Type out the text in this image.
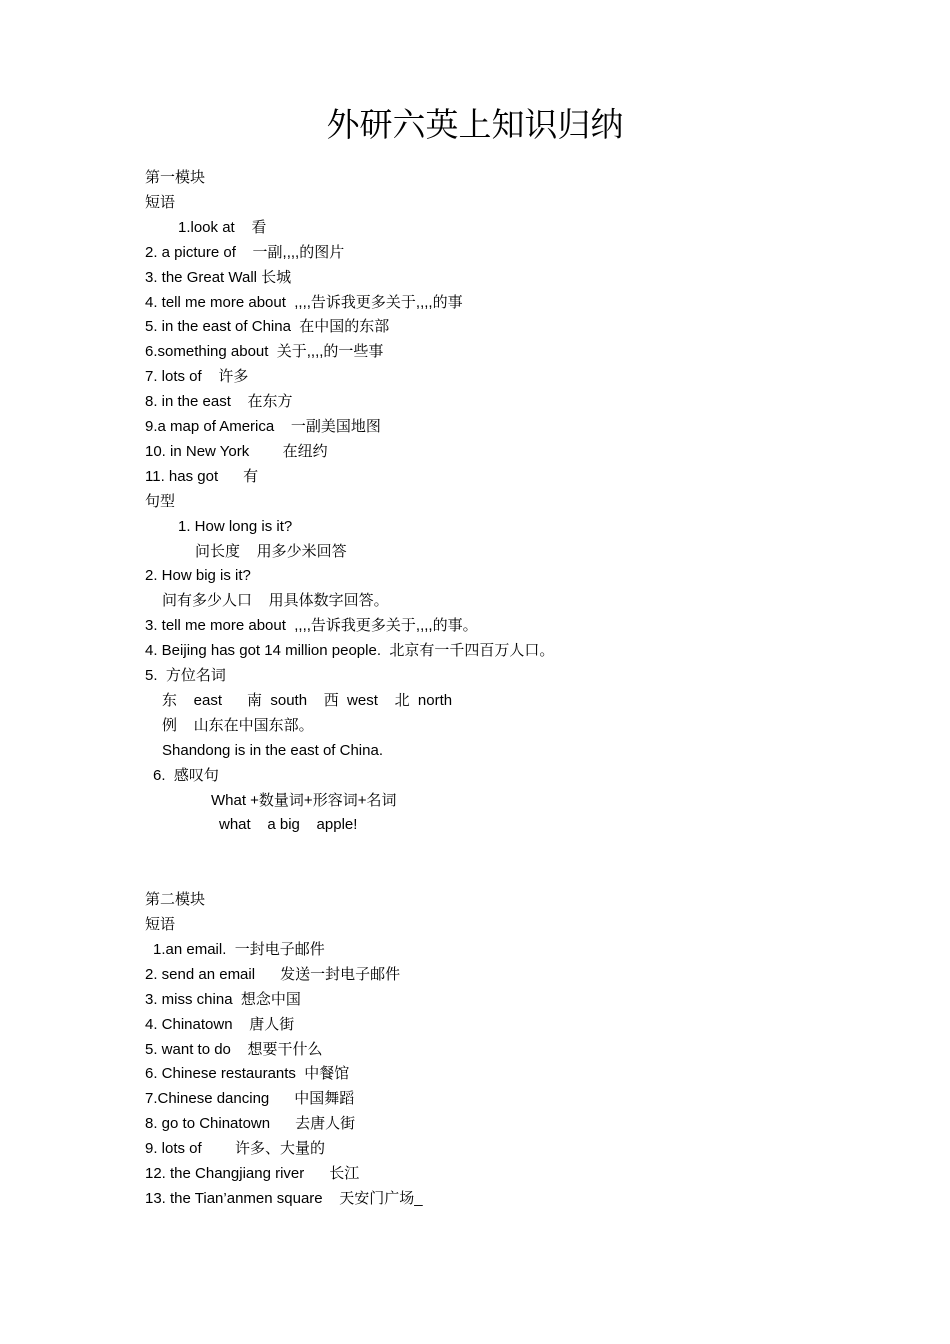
外研六英上知识归纳
第一模块
短语
1.look at    看
2. a picture of    一副,,,,的图片
3. the Great Wall 长城
4. tell me more about  ,,,,告诉我更多关于,,,,的事
5. in the east of China  在中国的东部
6.something about  关于,,,,的一些事
7. lots of    许多
8. in the east    在东方
9.a map of America    一副美国地图
10. in New York        在纽约
11. has got      有
句型
1. How long is it?
问长度    用多少米回答
2. How big is it?
问有多少人口    用具体数字回答。
3. tell me more about  ,,,,告诉我更多关于,,,,的事。
4. Beijing has got 14 million people.  北京有一千四百万人口。
5.  方位名词
东    east      南  south    西  west    北  north
例    山东在中国东部。
Shandong is in the east of China.
6.  感叹句
What +数量词+形容词+名词
what    a big    apple!
第二模块
短语
1.an email.  一封电子邮件
2. send an email      发送一封电子邮件
3. miss china  想念中国
4. Chinatown    唐人街
5. want to do    想要干什么
6. Chinese restaurants  中餐馆
7.Chinese dancing      中国舞蹈
8. go to Chinatown      去唐人街
9. lots of        许多、大量的
12. the Changjiang river      长江
13. the Tian’anmen square    天安门广场_
